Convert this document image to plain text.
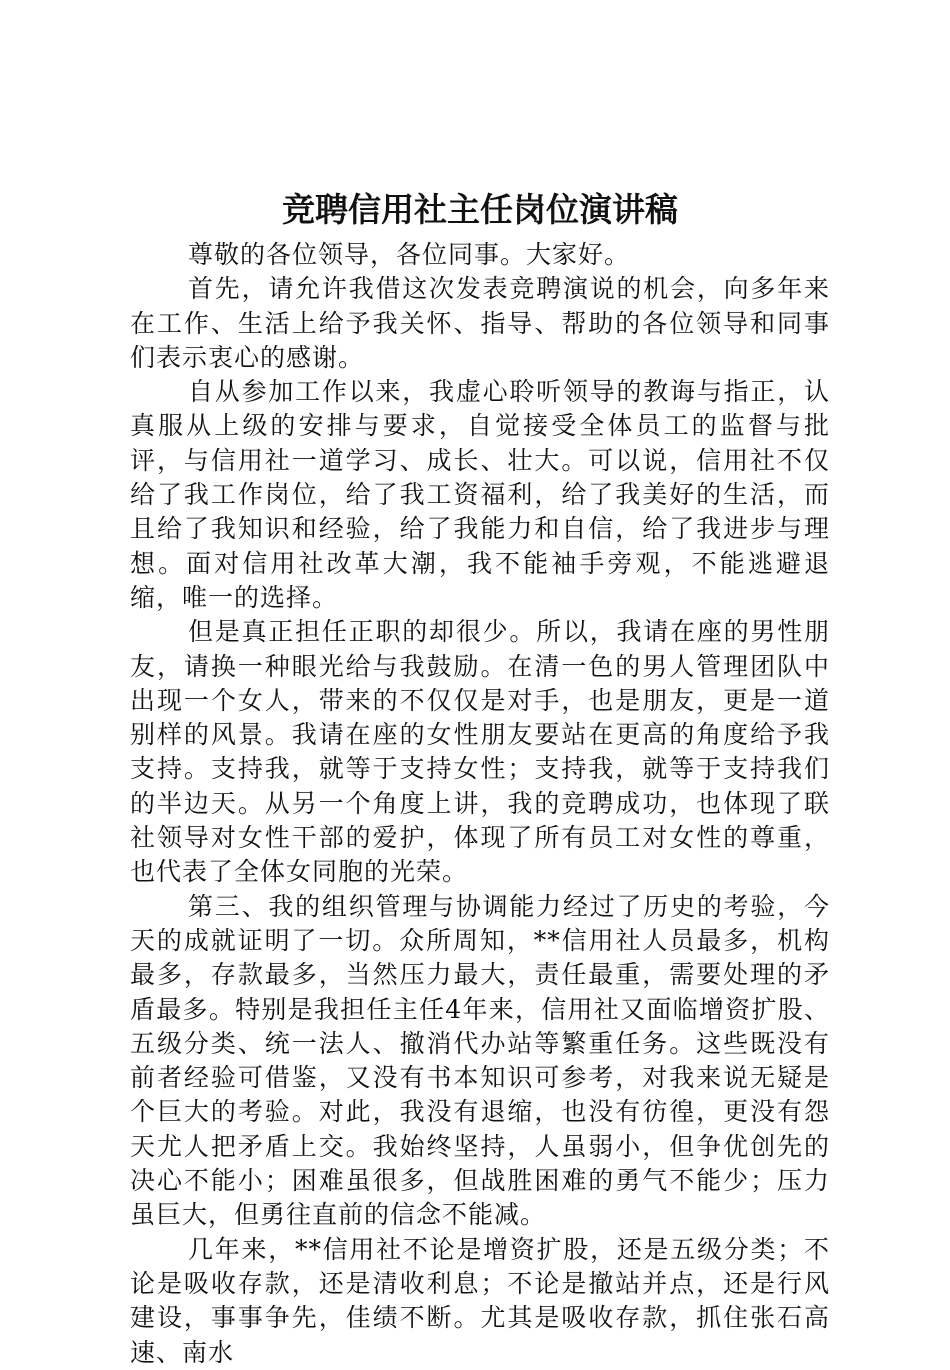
竞聘信用社主任岗位演讲稿

尊敬的各位领导，各位同事。大家好。

首先，请允许我借这次发表竞聘演说的机会，向多年来在工作、生活上给予我关怀、指导、帮助的各位领导和同事们表示衷心的感谢。

自从参加工作以来，我虚心聆听领导的教诲与指正，认真服从上级的安排与要求，自觉接受全体员工的监督与批评，与信用社一道学习、成长、壮大。可以说，信用社不仅给了我工作岗位，给了我工资福利，给了我美好的生活，而且给了我知识和经验，给了我能力和自信，给了我进步与理想。面对信用社改革大潮，我不能袖手旁观，不能逃避退缩，唯一的选择。

但是真正担任正职的却很少。所以，我请在座的男性朋友，请换一种眼光给与我鼓励。在清一色的男人管理团队中出现一个女人，带来的不仅仅是对手，也是朋友，更是一道别样的风景。我请在座的女性朋友要站在更高的角度给予我支持。支持我，就等于支持女性；支持我，就等于支持我们的半边天。从另一个角度上讲，我的竞聘成功，也体现了联社领导对女性干部的爱护，体现了所有员工对女性的尊重，也代表了全体女同胞的光荣。

第三、我的组织管理与协调能力经过了历史的考验，今天的成就证明了一切。众所周知，**信用社人员最多，机构最多，存款最多，当然压力最大，责任最重，需要处理的矛盾最多。特别是我担任主任4年来，信用社又面临增资扩股、五级分类、统一法人、撤消代办站等繁重任务。这些既没有前者经验可借鉴，又没有书本知识可参考，对我来说无疑是个巨大的考验。对此，我没有退缩，也没有彷徨，更没有怨天尤人把矛盾上交。我始终坚持，人虽弱小，但争优创先的决心不能小；困难虽很多，但战胜困难的勇气不能少；压力虽巨大，但勇往直前的信念不能减。

几年来，**信用社不论是增资扩股，还是五级分类；不论是吸收存款，还是清收利息；不论是撤站并点，还是行风建设，事事争先，佳绩不断。尤其是吸收存款，抓住张石高速、南水
